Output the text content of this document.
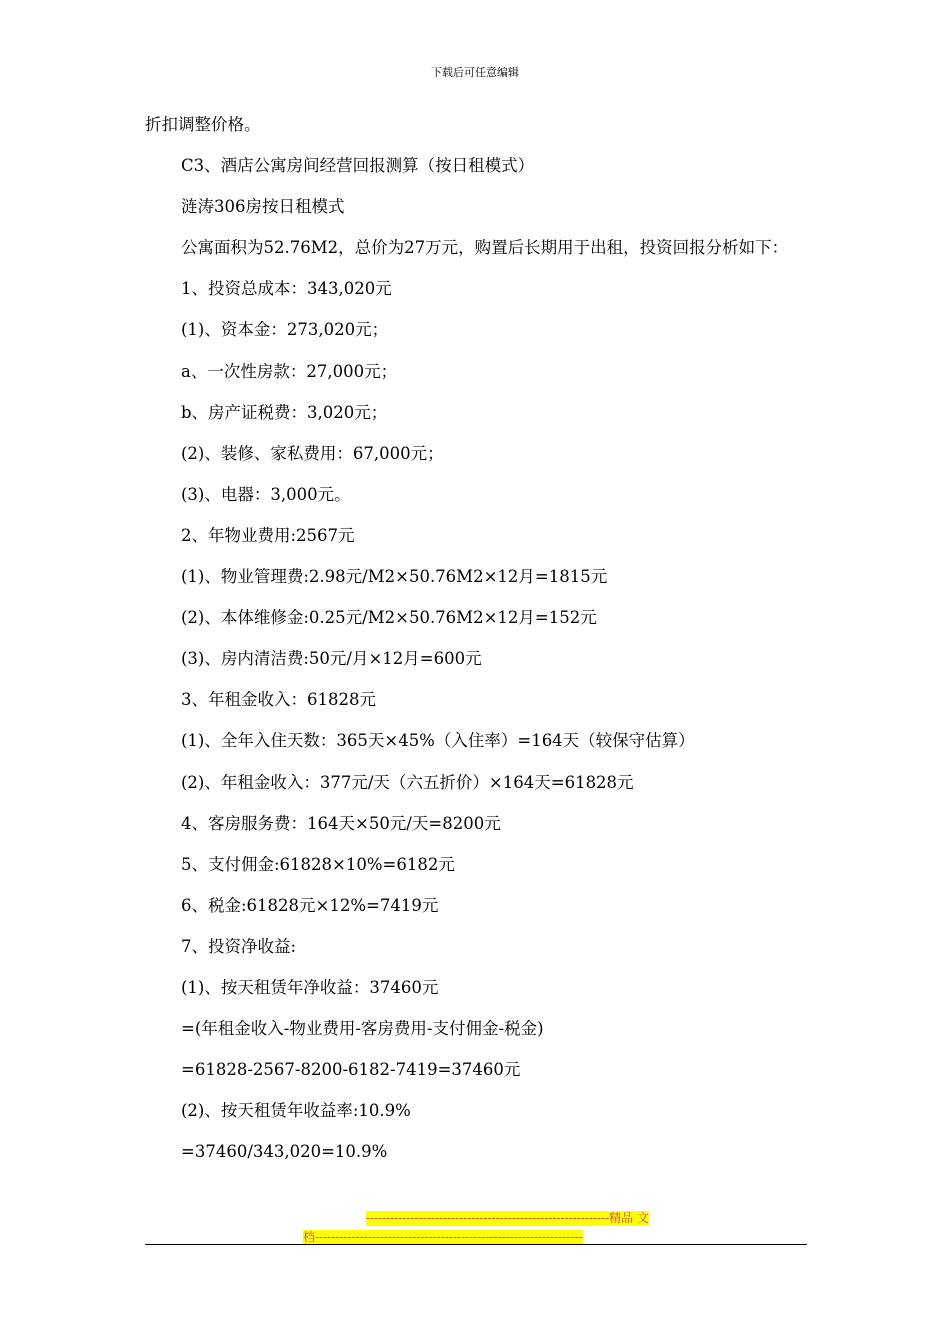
下载后可任意编辑
折扣调整价格。
C3、酒店公寓房间经营回报测算（按日租模式）
涟涛306房按日租模式
公寓面积为52.76M2，总价为27万元，购置后长期用于出租，投资回报分析如下：
1、投资总成本：343,020元
(1)、资本金：273,020元；
a、一次性房款：27,000元；
b、房产证税费：3,020元；
(2)、装修、家私费用：67,000元；
(3)、电器：3,000元。
2、年物业费用:2567元
(1)、物业管理费:2.98元/M2×50.76M2×12月=1815元
(2)、本体维修金:0.25元/M2×50.76M2×12月=152元
(3)、房内清洁费:50元/月×12月=600元
3、年租金收入：61828元
(1)、全年入住天数：365天×45%（入住率）=164天（较保守估算）
(2)、年租金收入：377元/天（六五折价）×164天=61828元
4、客房服务费：164天×50元/天=8200元
5、支付佣金:61828×10%=6182元
6、税金:61828元×12%=7419元
7、投资净收益:
(1)、按天租赁年净收益：37460元
=(年租金收入-物业费用-客房费用-支付佣金-税金)
=61828-2567-8200-6182-7419=37460元
(2)、按天租赁年收益率:10.9%
=37460/343,020=10.9%
------------------------------------------------------------精品 文
档------------------------------------------------------------------
